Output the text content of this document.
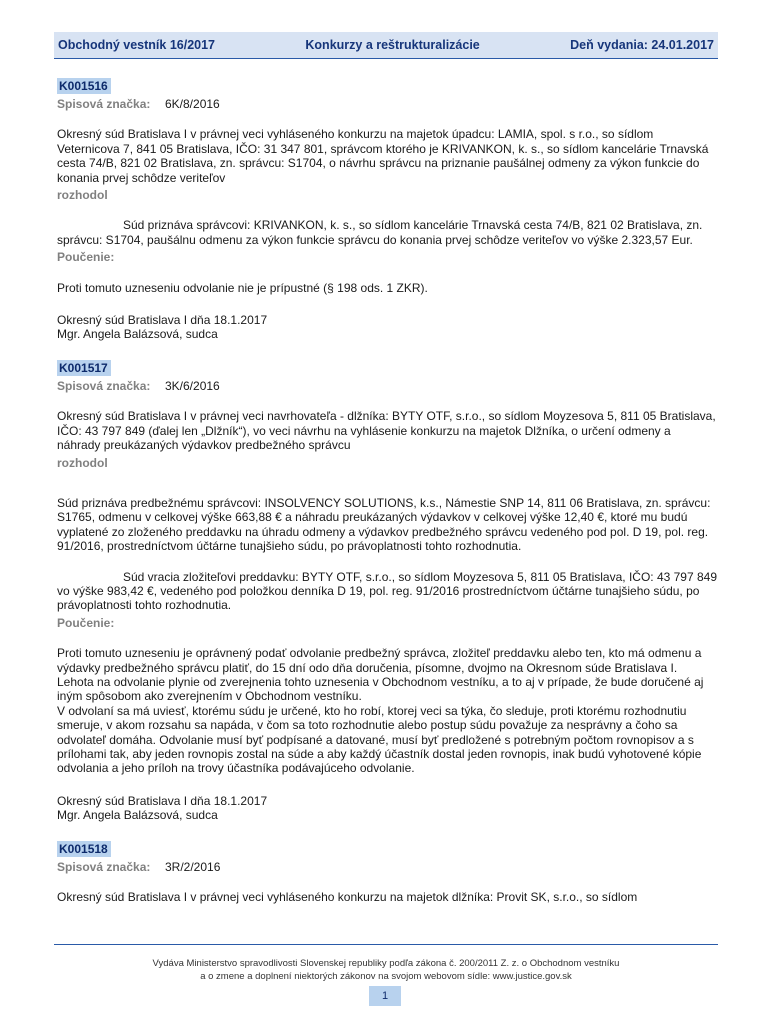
Obchodný vestník 16/2017	Konkurzy a reštrukturalizácie	Deň vydania: 24.01.2017
K001516
Spisová značka: 6K/8/2016
Okresný súd Bratislava I v právnej veci vyhláseného konkurzu na majetok úpadcu: LAMIA, spol. s r.o., so sídlom Veternicova 7, 841 05 Bratislava, IČO: 31 347 801, správcom ktorého je KRIVANKON, k. s., so sídlom kancelárie Trnavská cesta 74/B, 821 02 Bratislava, zn. správcu: S1704, o návrhu správcu na priznanie paušálnej odmeny za výkon funkcie do konania prvej schôdze veriteľov
rozhodol
Súd priznáva správcovi: KRIVANKON, k. s., so sídlom kancelárie Trnavská cesta 74/B, 821 02 Bratislava, zn. správcu: S1704, paušálnu odmenu za výkon funkcie správcu do konania prvej schôdze veriteľov vo výške 2.323,57 Eur.
Poučenie:
Proti tomuto uzneseniu odvolanie nie je prípustné (§ 198 ods. 1 ZKR).
Okresný súd Bratislava I dňa 18.1.2017
Mgr. Angela Balázsová, sudca
K001517
Spisová značka: 3K/6/2016
Okresný súd Bratislava I v právnej veci navrhovateľa - dlžníka: BYTY OTF, s.r.o., so sídlom Moyzesova 5, 811 05 Bratislava, IČO: 43 797 849 (ďalej len „Dlžník“), vo veci návrhu na vyhlásenie konkurzu na majetok Dlžníka, o určení odmeny a náhrady preukázaných výdavkov predbežného správcu
rozhodol
Súd priznáva predbežnému správcovi: INSOLVENCY SOLUTIONS, k.s., Námestie SNP 14, 811 06 Bratislava, zn. správcu: S1765, odmenu v celkovej výške 663,88 € a náhradu preukázaných výdavkov v celkovej výške 12,40 €, ktoré mu budú vyplatené zo zloženého preddavku na úhradu odmeny a výdavkov predbežného správcu vedeného pod pol. D 19, pol. reg. 91/2016, prostredníctvom účtárne tunajšieho súdu, po právoplatnosti tohto rozhodnutia.
Súd vracia zložiteľovi preddavku: BYTY OTF, s.r.o., so sídlom Moyzesova 5, 811 05 Bratislava, IČO: 43 797 849 vo výške 983,42 €, vedeného pod položkou denníka D 19, pol. reg. 91/2016 prostredníctvom účtárne tunajšieho súdu, po právoplatnosti tohto rozhodnutia.
Poučenie:
Proti tomuto uzneseniu je oprávnený podať odvolanie predbežný správca, zložiteľ preddavku alebo ten, kto má odmenu a výdavky predbežného správcu platiť, do 15 dní odo dňa doručenia, písomne, dvojmo na Okresnom súde Bratislava I.
Lehota na odvolanie plynie od zverejnenia tohto uznesenia v Obchodnom vestníku, a to aj v prípade, že bude doručené aj iným spôsobom ako zverejnením v Obchodnom vestníku.
V odvolaní sa má uviesť, ktorému súdu je určené, kto ho robí, ktorej veci sa týka, čo sleduje, proti ktorému rozhodnutiu smeruje, v akom rozsahu sa napáda, v čom sa toto rozhodnutie alebo postup súdu považuje za nesprávny a čoho sa odvolateľ domáha. Odvolanie musí byť podpísané a datované, musí byť predložené s potrebným počtom rovnopisov a s prílohami tak, aby jeden rovnopis zostal na súde a aby každý účastník dostal jeden rovnopis, inak budú vyhotovené kópie odvolania a jeho príloh na trovy účastníka podávajúceho odvolanie.
Okresný súd Bratislava I dňa 18.1.2017
Mgr. Angela Balázsová, sudca
K001518
Spisová značka: 3R/2/2016
Okresný súd Bratislava I v právnej veci vyhláseného konkurzu na majetok dlžníka: Provit SK, s.r.o., so sídlom
Vydáva Ministerstvo spravodlivosti Slovenskej republiky podľa zákona č. 200/2011 Z. z. o Obchodnom vestníku
a o zmene a doplnení niektorých zákonov na svojom webovom sídle: www.justice.gov.sk
1
